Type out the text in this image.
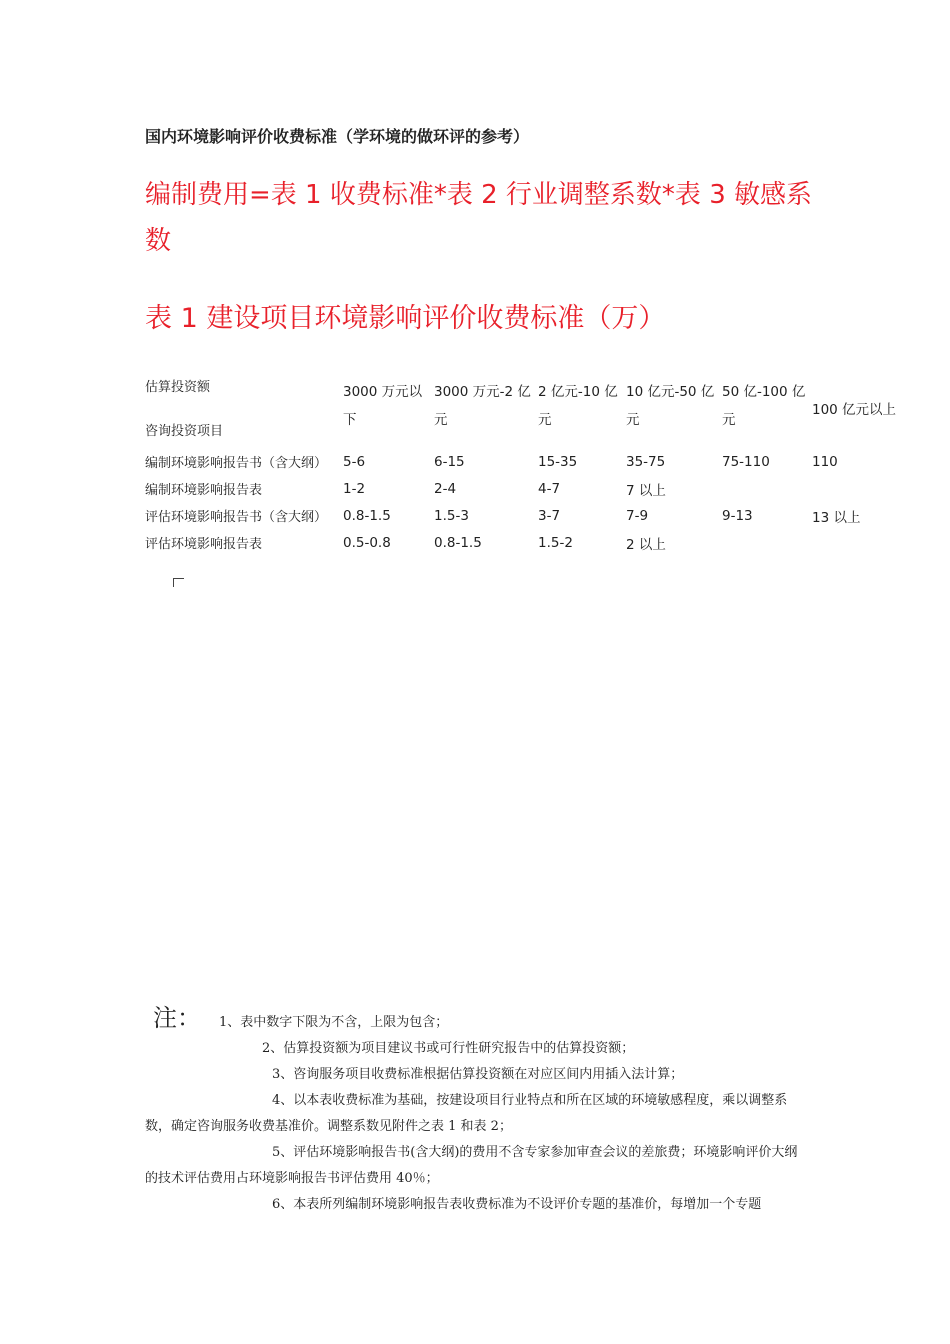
国内环境影响评价收费标准（学环境的做环评的参考）
编制费用=表 1 收费标准*表 2 行业调整系数*表 3 敏感系数
表 1 建设项目环境影响评价收费标准（万）
估算投资额
咨询投资项目	3000 万元以下	3000 万元-2 亿元	2 亿元-10 亿元	10 亿元-50 亿元	50 亿-100 亿元	100 亿元以上
编制环境影响报告书（含大纲）	5-6	6-15	15-35	35-75	75-110	110
编制环境影响报告表	1-2	2-4	4-7	7 以上		
评估环境影响报告书（含大纲）	0.8-1.5	1.5-3	3-7	7-9	9-13	13 以上
评估环境影响报告表	0.5-0.8	0.8-1.5	1.5-2	2 以上		
注： 1、表中数字下限为不含，上限为包含；
2、估算投资额为项目建议书或可行性研究报告中的估算投资额；
3、咨询服务项目收费标准根据估算投资额在对应区间内用插入法计算；
4、以本表收费标准为基础，按建设项目行业特点和所在区域的环境敏感程度，乘以调整系数，确定咨询服务收费基准价。调整系数见附件之表 1 和表 2；
5、评估环境影响报告书(含大纲)的费用不含专家参加审查会议的差旅费；环境影响评价大纲的技术评估费用占环境影响报告书评估费用 40％；
6、本表所列编制环境影响报告表收费标准为不设评价专题的基准价，每增加一个专题
